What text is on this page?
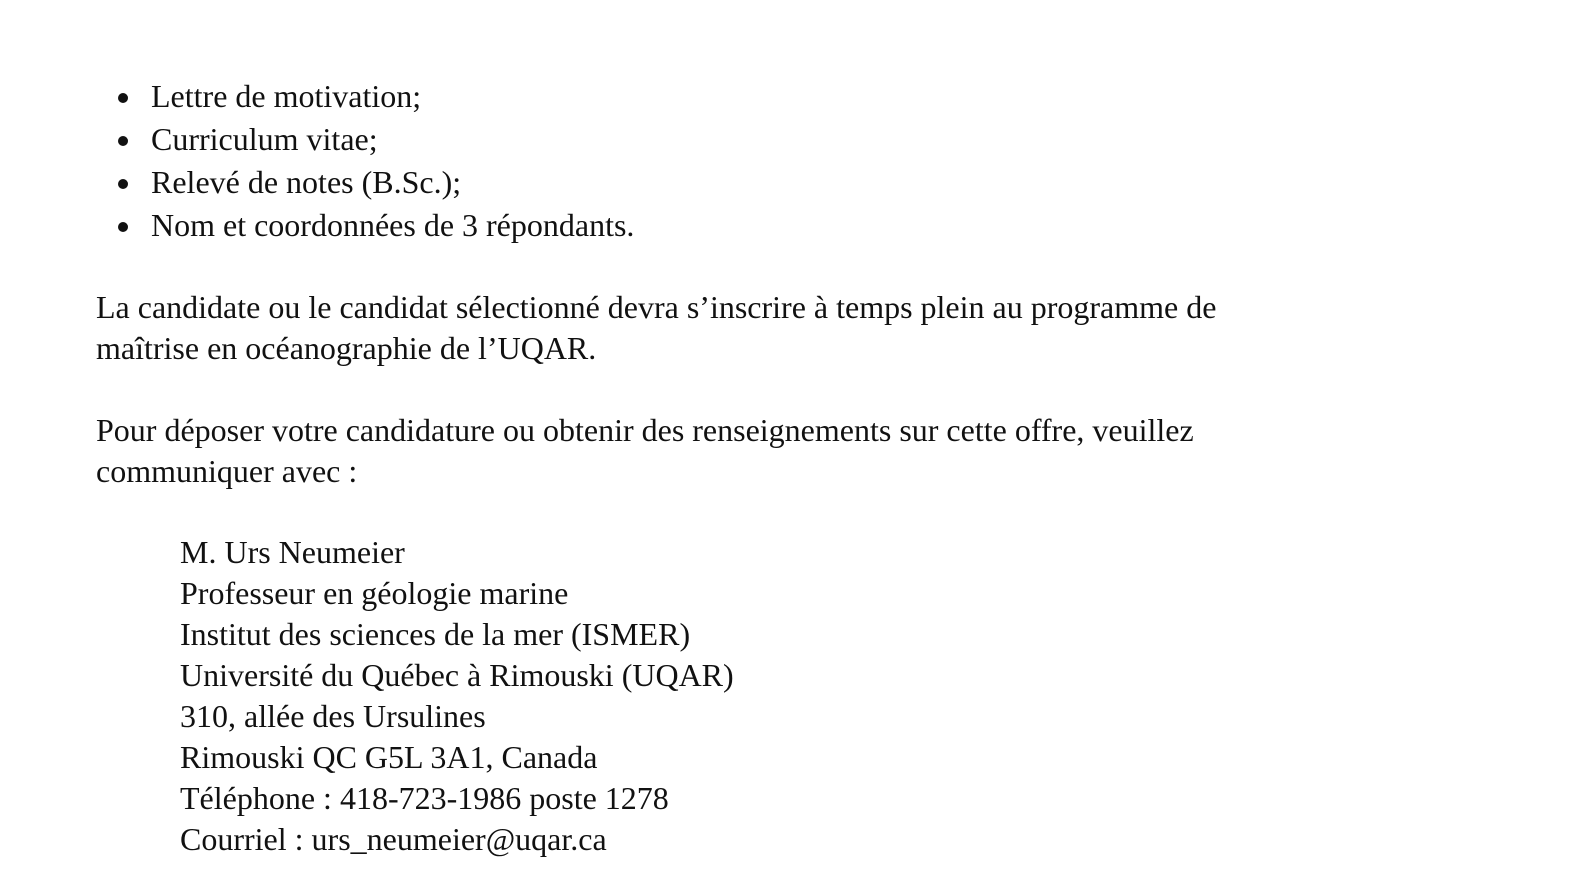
Lettre de motivation;
Curriculum vitae;
Relevé de notes (B.Sc.);
Nom et coordonnées de 3 répondants.

La candidate ou le candidat sélectionné devra s’inscrire à temps plein au programme de
maîtrise en océanographie de l’UQAR.

Pour déposer votre candidature ou obtenir des renseignements sur cette offre, veuillez
communiquer avec :

M. Urs Neumeier
Professeur en géologie marine
Institut des sciences de la mer (ISMER)
Université du Québec à Rimouski (UQAR)
310, allée des Ursulines
Rimouski QC G5L 3A1, Canada
Téléphone : 418-723-1986 poste 1278
Courriel : urs_neumeier@uqar.ca
